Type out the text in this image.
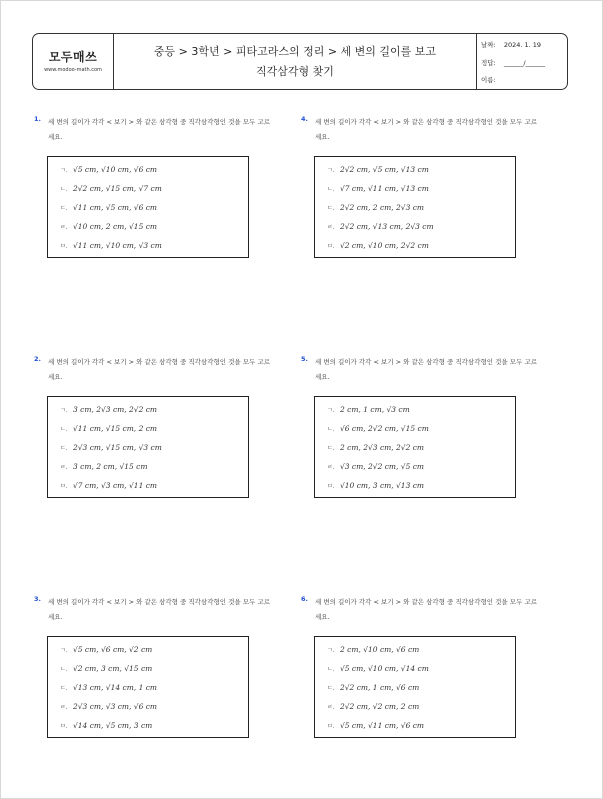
모두매쓰
www.modoo-math.com
중등 > 3학년 > 피타고라스의 정리 > 세 변의 길이를 보고
직각삼각형 찾기
날짜: 2024. 1. 19
정답: ______/______
이름:
1. 세 변의 길이가 각각 < 보기 > 와 같은 삼각형 중 직각삼각형인 것을 모두 고르세요.
ㄱ. √5 cm, √10 cm, √6 cm
ㄴ. 2√2 cm, √15 cm, √7 cm
ㄷ. √11 cm, √5 cm, √6 cm
ㄹ. √10 cm, 2 cm, √15 cm
ㅁ. √11 cm, √10 cm, √3 cm
4. 세 변의 길이가 각각 < 보기 > 와 같은 삼각형 중 직각삼각형인 것을 모두 고르세요.
ㄱ. 2√2 cm, √5 cm, √13 cm
ㄴ. √7 cm, √11 cm, √13 cm
ㄷ. 2√2 cm, 2 cm, 2√3 cm
ㄹ. 2√2 cm, √13 cm, 2√3 cm
ㅁ. √2 cm, √10 cm, 2√2 cm
2. 세 변의 길이가 각각 < 보기 > 와 같은 삼각형 중 직각삼각형인 것을 모두 고르세요.
ㄱ. 3 cm, 2√3 cm, 2√2 cm
ㄴ. √11 cm, √15 cm, 2 cm
ㄷ. 2√3 cm, √15 cm, √3 cm
ㄹ. 3 cm, 2 cm, √15 cm
ㅁ. √7 cm, √3 cm, √11 cm
5. 세 변의 길이가 각각 < 보기 > 와 같은 삼각형 중 직각삼각형인 것을 모두 고르세요.
ㄱ. 2 cm, 1 cm, √3 cm
ㄴ. √6 cm, 2√2 cm, √15 cm
ㄷ. 2 cm, 2√3 cm, 2√2 cm
ㄹ. √3 cm, 2√2 cm, √5 cm
ㅁ. √10 cm, 3 cm, √13 cm
3. 세 변의 길이가 각각 < 보기 > 와 같은 삼각형 중 직각삼각형인 것을 모두 고르세요.
ㄱ. √5 cm, √6 cm, √2 cm
ㄴ. √2 cm, 3 cm, √15 cm
ㄷ. √13 cm, √14 cm, 1 cm
ㄹ. 2√3 cm, √3 cm, √6 cm
ㅁ. √14 cm, √5 cm, 3 cm
6. 세 변의 길이가 각각 < 보기 > 와 같은 삼각형 중 직각삼각형인 것을 모두 고르세요.
ㄱ. 2 cm, √10 cm, √6 cm
ㄴ. √5 cm, √10 cm, √14 cm
ㄷ. 2√2 cm, 1 cm, √6 cm
ㄹ. 2√2 cm, √2 cm, 2 cm
ㅁ. √5 cm, √11 cm, √6 cm
